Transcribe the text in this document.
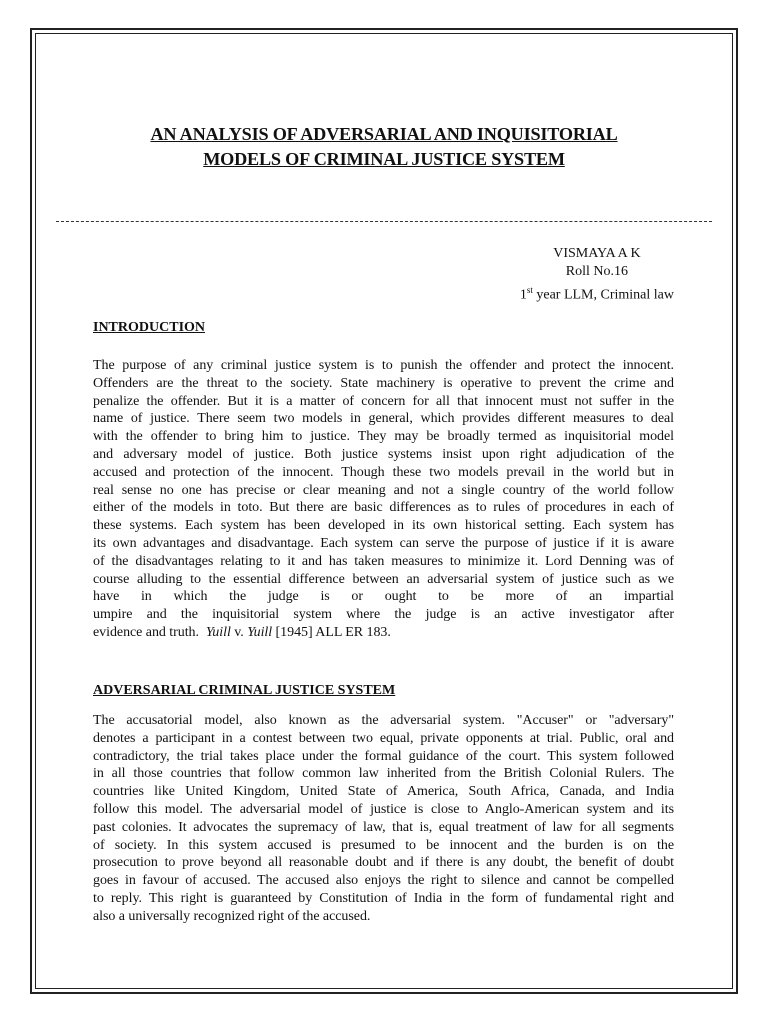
AN ANALYSIS OF ADVERSARIAL AND INQUISITORIAL
MODELS OF CRIMINAL JUSTICE SYSTEM
VISMAYA A K
Roll No.16
1st year LLM, Criminal law
INTRODUCTION

The purpose of any criminal justice system is to punish the offender and protect the innocent.
Offenders are the threat to the society. State machinery is operative to prevent the crime and
penalize the offender. But it is a matter of concern for all that innocent must not suffer in the
name of justice. There seem two models in general, which provides different measures to deal
with the offender to bring him to justice. They may be broadly termed as inquisitorial model
and adversary model of justice. Both justice systems insist upon right adjudication of the
accused and protection of the innocent. Though these two models prevail in the world but in
real sense no one has precise or clear meaning and not a single country of the world follow
either of the models in toto. But there are basic differences as to rules of procedures in each of
these systems. Each system has been developed in its own historical setting. Each system has
its own advantages and disadvantage. Each system can serve the purpose of justice if it is aware
of the disadvantages relating to it and has taken measures to minimize it. Lord Denning was of
course alluding to the essential difference between an adversarial system of justice such as we
have in which the judge is or ought to be more of an impartial
umpire and the inquisitorial system where the judge is an active investigator after
evidence and truth.  Yuill v. Yuill [1945] ALL ER 183.

ADVERSARIAL CRIMINAL JUSTICE SYSTEM

The accusatorial model, also known as the adversarial system. "Accuser" or "adversary"
denotes a participant in a contest between two equal, private opponents at trial. Public, oral and
contradictory, the trial takes place under the formal guidance of the court. This system followed
in all those countries that follow common law inherited from the British Colonial Rulers. The
countries like United Kingdom, United State of America, South Africa, Canada, and India
follow this model. The adversarial model of justice is close to Anglo-American system and its
past colonies. It advocates the supremacy of law, that is, equal treatment of law for all segments
of society. In this system accused is presumed to be innocent and the burden is on the
prosecution to prove beyond all reasonable doubt and if there is any doubt, the benefit of doubt
goes in favour of accused. The accused also enjoys the right to silence and cannot be compelled
to reply. This right is guaranteed by Constitution of India in the form of fundamental right and
also a universally recognized right of the accused.
